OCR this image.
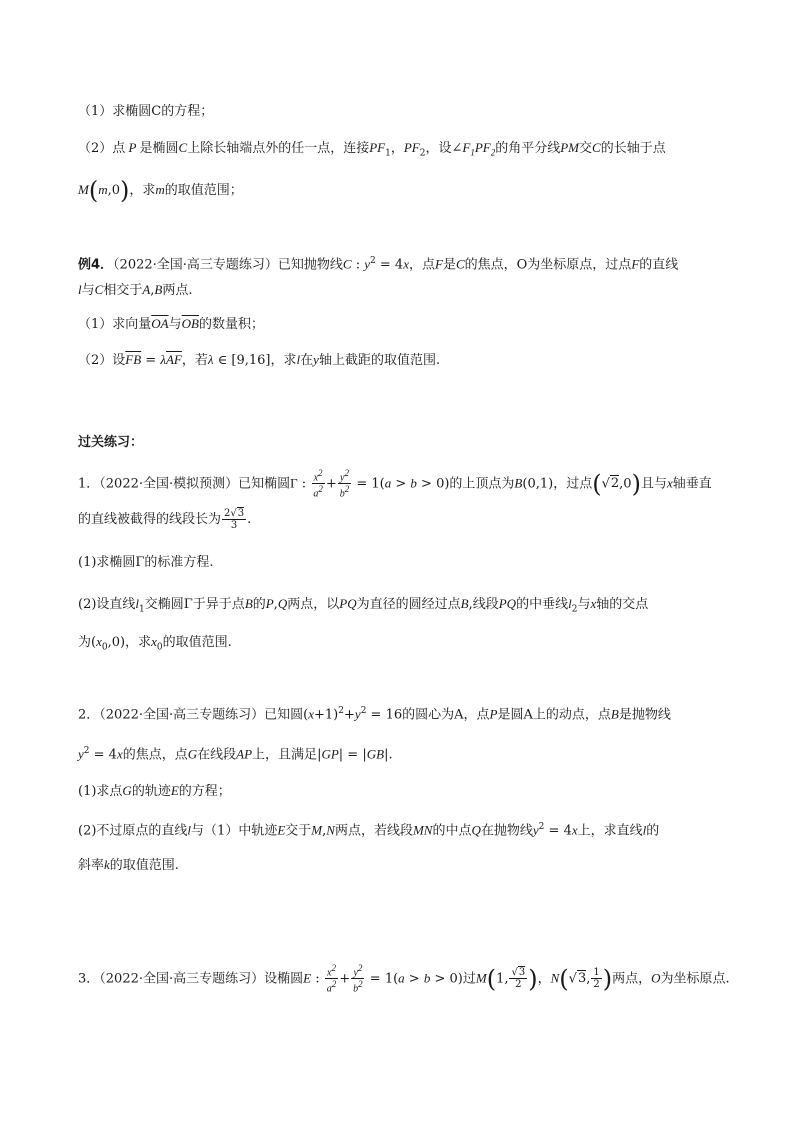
（1）求椭圆C的方程；
（2）点 P 是椭圆C上除长轴端点外的任一点，连接$PF_1$，$PF_2$，设$\angle F_1PF_2$的角平分线PM交C的长轴于点
M(m,0)，求m的取值范围；
例4．（2022·全国·高三专题练习）已知抛物线C : $y^2 = 4x$，点F是C的焦点，O为坐标原点，过点F的直线
l与C相交于A,B两点.
（1）求向量$\overline{OA}$与$\overline{OB}$的数量积；
（2）设$\overline{FB} = \lambda\overline{AF}$，若λ ∈ [9,16]，求l在y轴上截距的取值范围.
过关练习：
1．（2022·全国·模拟预测）已知椭圆Γ : $\frac{x^2}{a^2} + \frac{y^2}{b^2} = 1(a > b > 0)$的上顶点为B(0,1)，过点(√2,0)且与x轴垂直
的直线被截得的线段长为 $\frac{2√3}{3}$ .
(1)求椭圆Γ的标准方程.
(2)设直线$l_1$交椭圆Γ于异于点B的P,Q两点，以PQ为直径的圆经过点B,线段PQ的中垂线$l_2$与x轴的交点
为$(x_0,0)$，求$x_0$的取值范围.
2．（2022·全国·高三专题练习）已知圆$(x+1)^2+y^2 = 16$的圆心为A，点P是圆A上的动点，点B是抛物线
$y^2 = 4x$的焦点，点G在线段AP上，且满足|GP| = |GB|.
(1)求点G的轨迹E的方程；
(2)不过原点的直线l与（1）中轨迹E交于M,N两点，若线段MN的中点Q在抛物线$y^2 = 4x$上，求直线l的
斜率k的取值范围.
3．（2022·全国·高三专题练习）设椭圆E : $\frac{x^2}{a^2} + \frac{y^2}{b^2} = 1(a > b > 0)$过M(1, $\frac{√3}{2}$ )，N(√3, $\frac{1}{2}$ )两点，O为坐标原点.
